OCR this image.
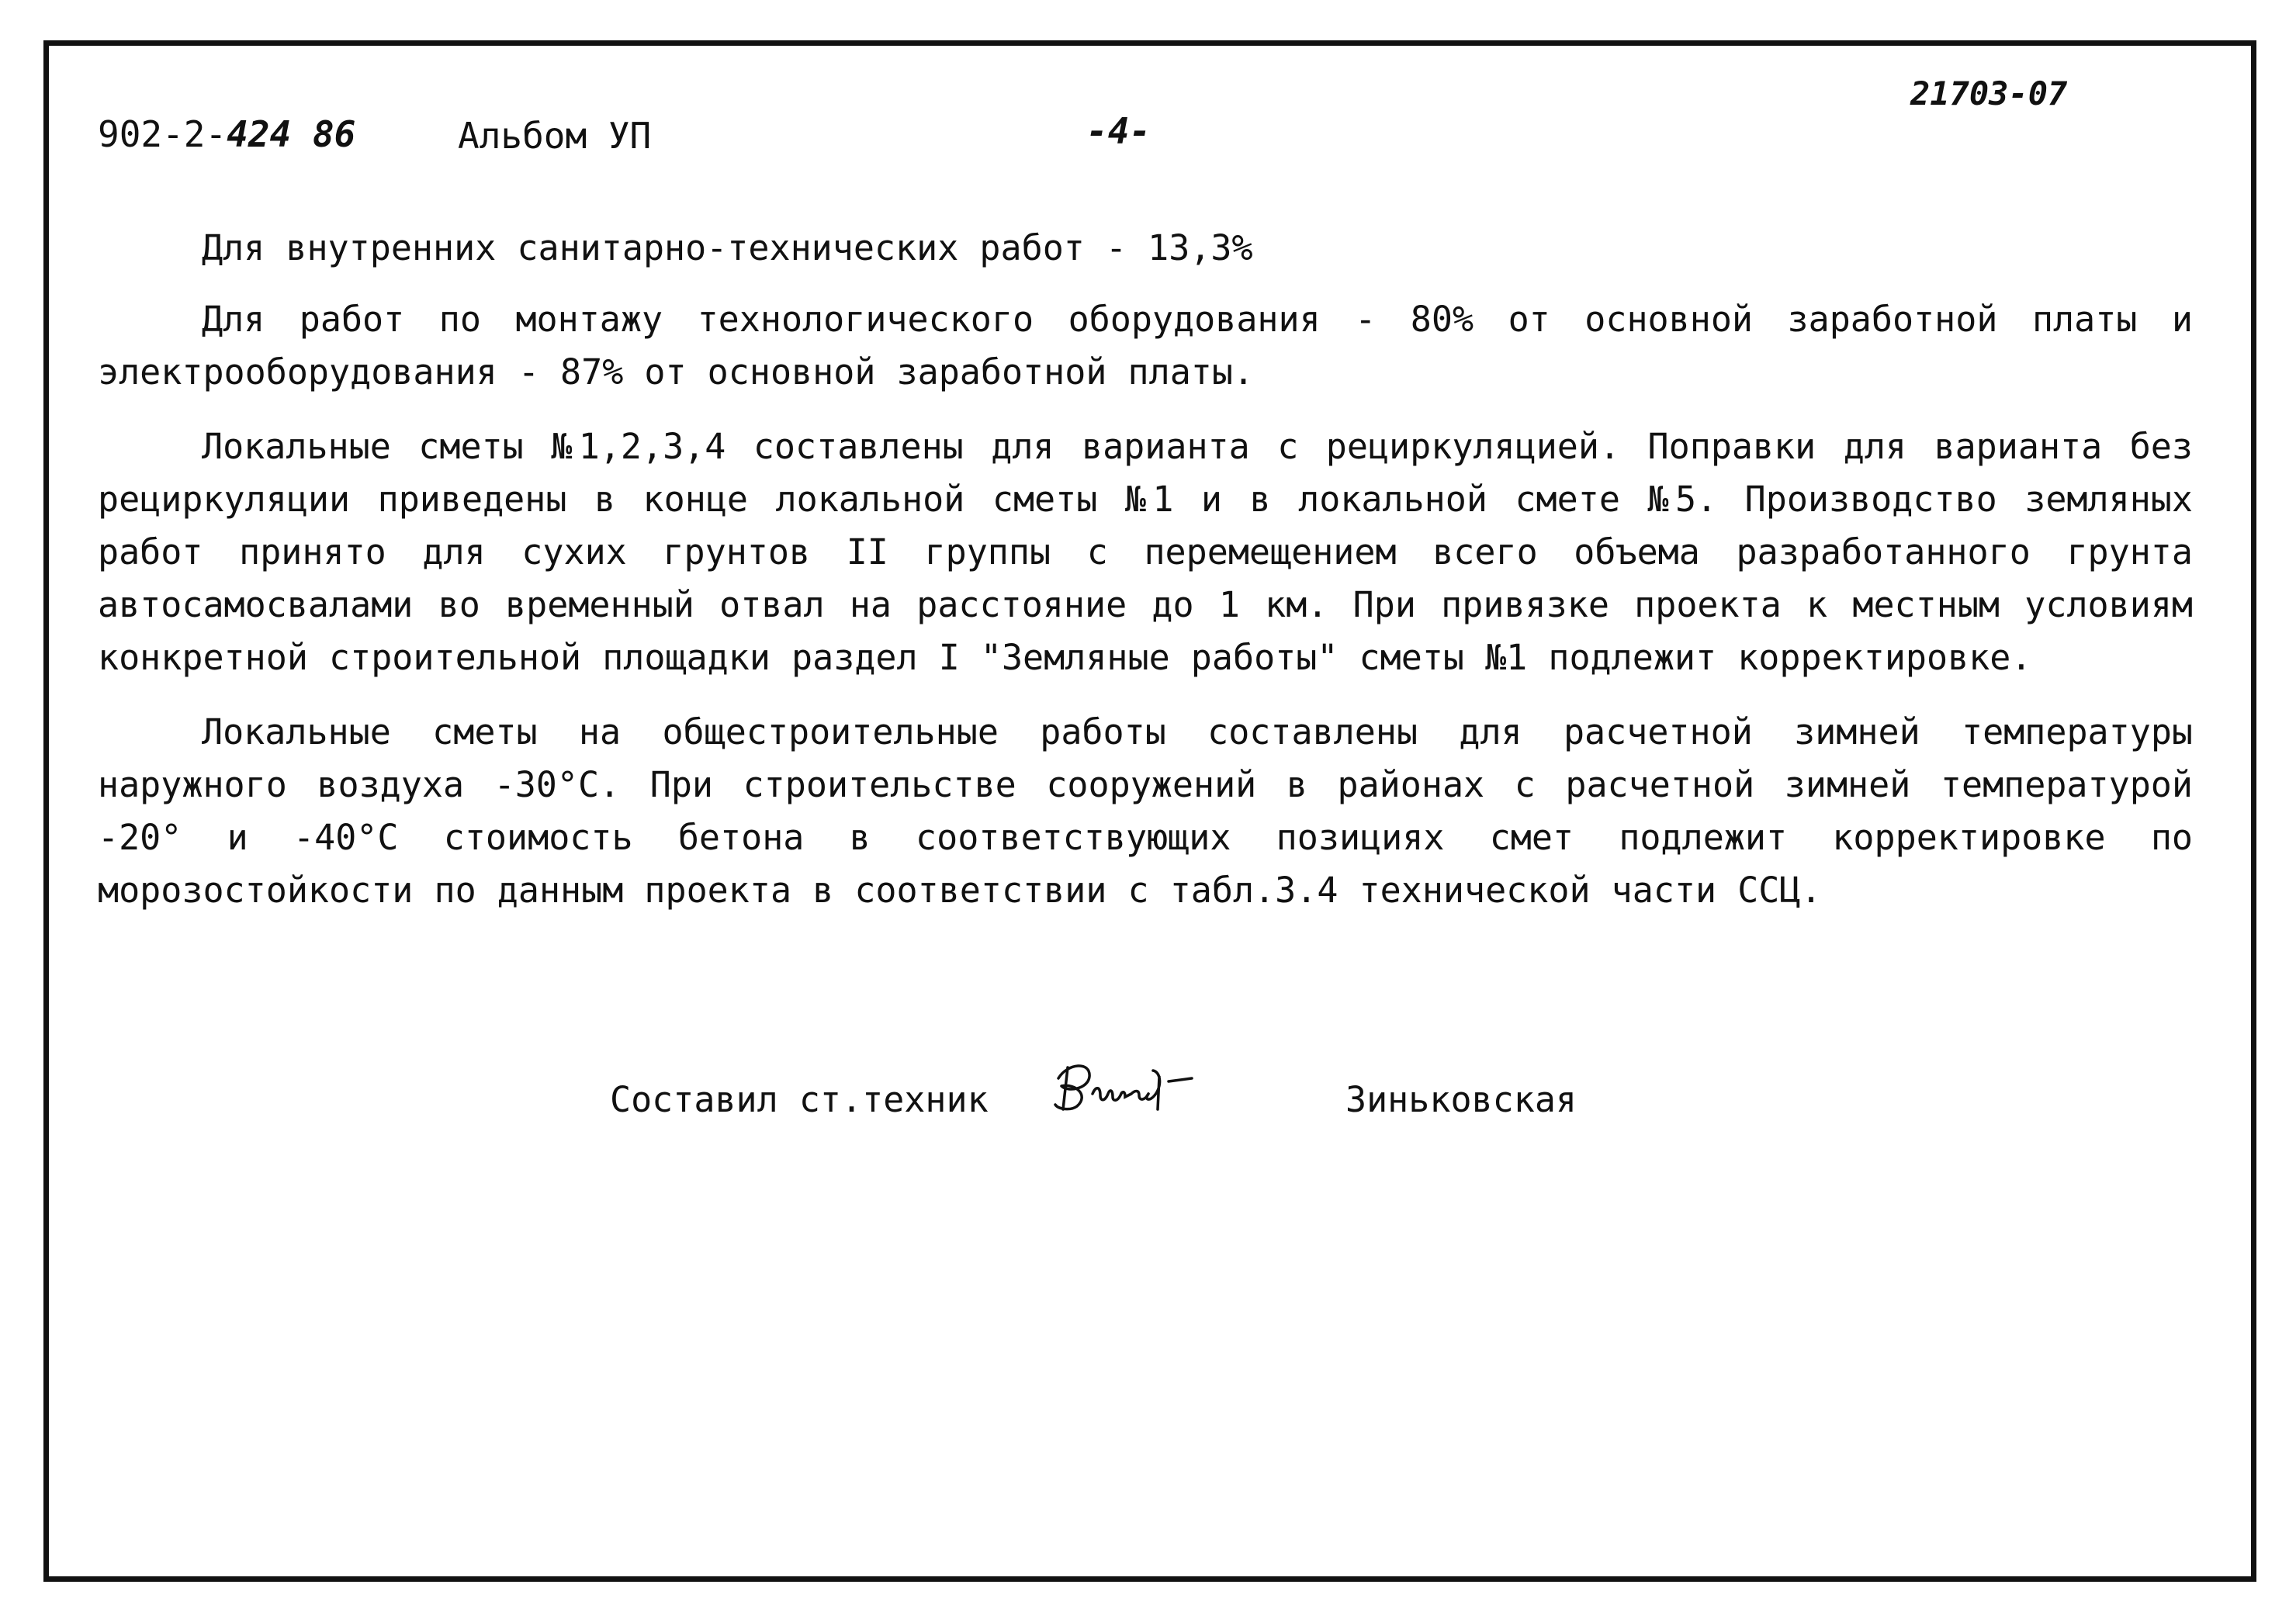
902-2-424 86	Альбом УП	-4-
21703-07

Для внутренних санитарно-технических работ - 13,3%

Для работ по монтажу технологического оборудования - 80% от основной заработной платы и электрооборудования - 87% от основной заработной платы.

Локальные сметы №1,2,3,4 составлены для варианта с рециркуляцией. Поправки для варианта без рециркуляции приведены в конце локальной сметы №1 и в локальной смете №5. Производство земляных работ принято для сухих грунтов II группы с перемещением всего объема разработанного грунта автосамосвалами во временный отвал на расстояние до 1 км. При привязке проекта к местным условиям конкретной строительной площадки раздел I "Земляные работы" сметы №1 подлежит корректировке.

Локальные сметы на общестроительные работы составлены для расчетной зимней температуры наружного воздуха -30°С. При строительстве сооружений в районах с расчетной зимней температурой -20° и -40°С стоимость бетона в соответствующих позициях смет подлежит корректировке по морозостойкости по данным проекта в соответствии с табл.3.4 технической части ССЦ.

Составил ст.техник	Зиньковская
